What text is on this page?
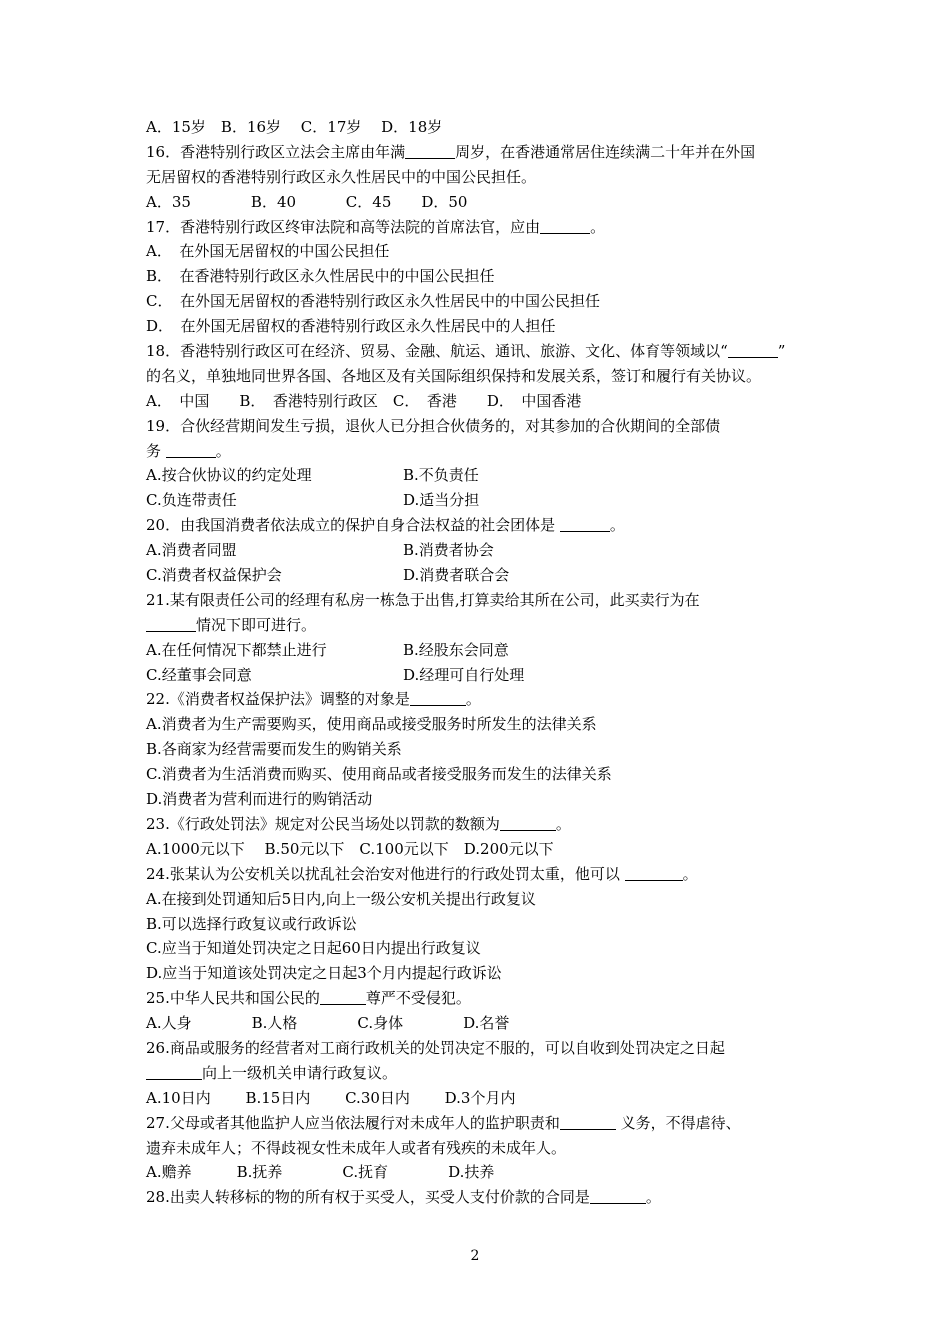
A．15岁　B．16岁　 C．17岁　 D．18岁
16．香港特别行政区立法会主席由年满	周岁，在香港通常居住连续满二十年并在外国
无居留权的香港特别行政区永久性居民中的中国公民担任。
A．35　　　　B．40　　　 C．45　　D．50
17．香港特别行政区终审法院和高等法院的首席法官，应由	。
A．　在外国无居留权的中国公民担任
B．　在香港特别行政区永久性居民中的中国公民担任
C．　在外国无居留权的香港特别行政区永久性居民中的中国公民担任
D．　在外国无居留权的香港特别行政区永久性居民中的人担任
18．香港特别行政区可在经济、贸易、金融、航运、通讯、旅游、文化、体育等领域以“	”
的名义，单独地同世界各国、各地区及有关国际组织保持和发展关系，签订和履行有关协议。
A．　中国　　B．　香港特别行政区　C．　香港　　D．　中国香港
19．合伙经营期间发生亏损，退伙人已分担合伙债务的，对其参加的合伙期间的全部债
务	。
A.按合伙协议的约定处理	B.不负责任
C.负连带责任	D.适当分担
20．由我国消费者依法成立的保护自身合法权益的社会团体是	。
A.消费者同盟	B.消费者协会
C.消费者权益保护会	D.消费者联合会
21.某有限责任公司的经理有私房一栋急于出售,打算卖给其所在公司，此买卖行为在
情况下即可进行。
A.在任何情况下都禁止进行	B.经股东会同意
C.经董事会同意	D.经理可自行处理
22.《消费者权益保护法》调整的对象是	。
A.消费者为生产需要购买，使用商品或接受服务时所发生的法律关系
B.各商家为经营需要而发生的购销关系
C.消费者为生活消费而购买、使用商品或者接受服务而发生的法律关系
D.消费者为营利而进行的购销活动
23.《行政处罚法》规定对公民当场处以罚款的数额为	。
A.1000元以下　 B.50元以下　C.100元以下　D.200元以下
24.张某认为公安机关以扰乱社会治安对他进行的行政处罚太重，他可以	。
A.在接到处罚通知后5日内,向上一级公安机关提出行政复议
B.可以选择行政复议或行政诉讼
C.应当于知道处罚决定之日起60日内提出行政复议
D.应当于知道该处罚决定之日起3个月内提起行政诉讼
25.中华人民共和国公民的	尊严不受侵犯。
A.人身　　　　B.人格　　　　C.身体　　　　D.名誉
26.商品或服务的经营者对工商行政机关的处罚决定不服的，可以自收到处罚决定之日起
向上一级机关申请行政复议。
A.10日内　　 B.15日内　　 C.30日内　　 D.3个月内
27.父母或者其他监护人应当依法履行对未成年人的监护职责和	义务，不得虐待、
遗弃未成年人；不得歧视女性未成年人或者有残疾的未成年人。
A.赡养　　　B.抚养　　　　C.抚育　　　　D.扶养
28.出卖人转移标的物的所有权于买受人，买受人支付价款的合同是	。
2
